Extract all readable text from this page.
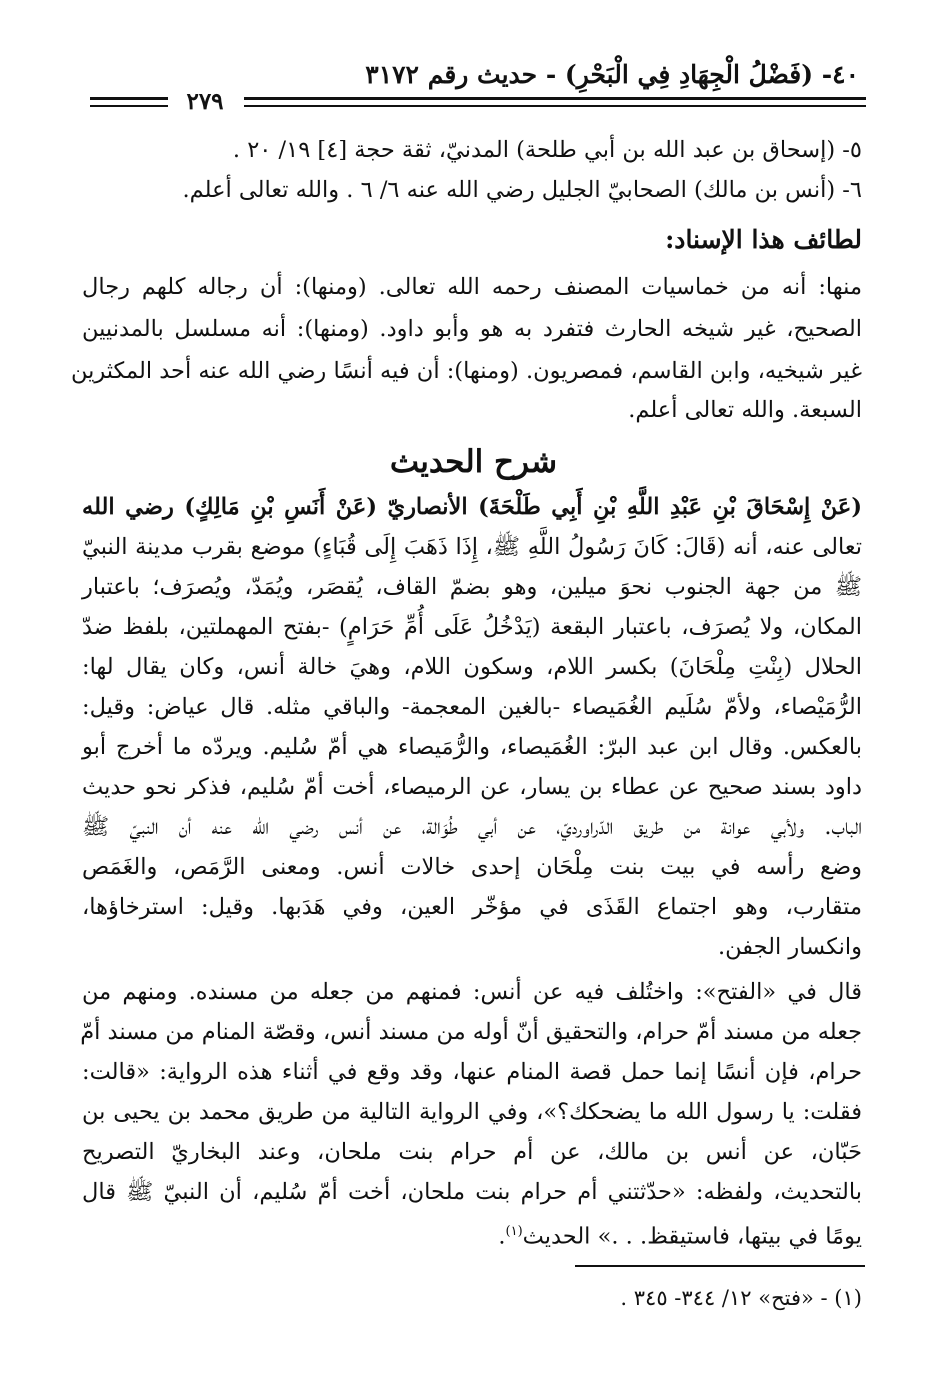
٤٠- (فَضْلُ الْجِهَادِ فِي الْبَحْرِ) - حديث رقم ٣١٧٢
٢٧٩
٥- (إسحاق بن عبد الله بن أبي طلحة) المدنيّ، ثقة حجة [٤] ١٩/ ٢٠ .
٦- (أنس بن مالك) الصحابيّ الجليل رضي الله عنه ٦/ ٦ . والله تعالى أعلم.
لطائف هذا الإسناد:
منها: أنه من خماسيات المصنف رحمه الله تعالى. (ومنها): أن رجاله كلهم رجال
الصحيح، غير شيخه الحارث فتفرد به هو وأبو داود. (ومنها): أنه مسلسل بالمدنيين
غير شيخيه، وابن القاسم، فمصريون. (ومنها): أن فيه أنسًا رضي الله عنه أحد المكثرين
السبعة. والله تعالى أعلم.
شرح الحديث
(عَنْ إِسْحَاقَ بْنِ عَبْدِ اللَّهِ بْنِ أَبِي طَلْحَةَ) الأنصاريّ (عَنْ أَنَسِ بْنِ مَالِكٍ) رضي الله
تعالى عنه، أنه (قَالَ: كَانَ رَسُولُ اللَّهِ ﷺ، إِذَا ذَهَبَ إِلَى قُبَاءٍ) موضع بقرب مدينة النبيّ
ﷺ من جهة الجنوب نحوَ ميلين، وهو بضمّ القاف، يُقصَر، ويُمَدّ، ويُصرَف؛ باعتبار
المكان، ولا يُصرَف، باعتبار البقعة (يَدْخُلُ عَلَى أُمِّ حَرَامٍ) -بفتح المهملتين، بلفظ ضدّ
الحلال (بِنْتِ مِلْحَانَ) بكسر اللام، وسكون اللام، وهيَ خالة أنس، وكان يقال لها:
الرُّمَيْصاء، ولأمّ سُلَيم الغُمَيصاء -بالغين المعجمة- والباقي مثله. قال عياض: وقيل:
بالعكس. وقال ابن عبد البرّ: الغُمَيصاء، والرُّمَيصاء هي أمّ سُليم. ويردّه ما أخرج أبو
داود بسند صحيح عن عطاء بن يسار، عن الرميصاء، أخت أمّ سُليم، فذكر نحو حديث
الباب. ولأبي عوانة من طريق الدّراورديّ، عن أبي طُوَالة، عن أنس رضي الله عنه أن النبيّ ﷺ
وضع رأسه في بيت بنت مِلْحَان إحدى خالات أنس. ومعنى الرَّمَص، والغَمَص
متقارب، وهو اجتماع القَذَى في مؤخّر العين، وفي هَدَبها. وقيل: استرخاؤها،
وانكسار الجفن.
قال في «الفتح»: واختُلف فيه عن أنس: فمنهم من جعله من مسنده. ومنهم من
جعله من مسند أمّ حرام، والتحقيق أنّ أوله من مسند أنس، وقصّة المنام من مسند أمّ
حرام، فإن أنسًا إنما حمل قصة المنام عنها، وقد وقع في أثناء هذه الرواية: «قالت:
فقلت: يا رسول الله ما يضحكك؟»، وفي الرواية التالية من طريق محمد بن يحيى بن
حَبّان، عن أنس بن مالك، عن أم حرام بنت ملحان، وعند البخاريّ التصريح
بالتحديث، ولفظه: «حدّثتني أم حرام بنت ملحان، أخت أمّ سُليم، أن النبيّ ﷺ قال
يومًا في بيتها، فاستيقظ. . .» الحديث$^{(١)}$.
(١) - «فتح» ١٢/ ٣٤٤- ٣٤٥ .
